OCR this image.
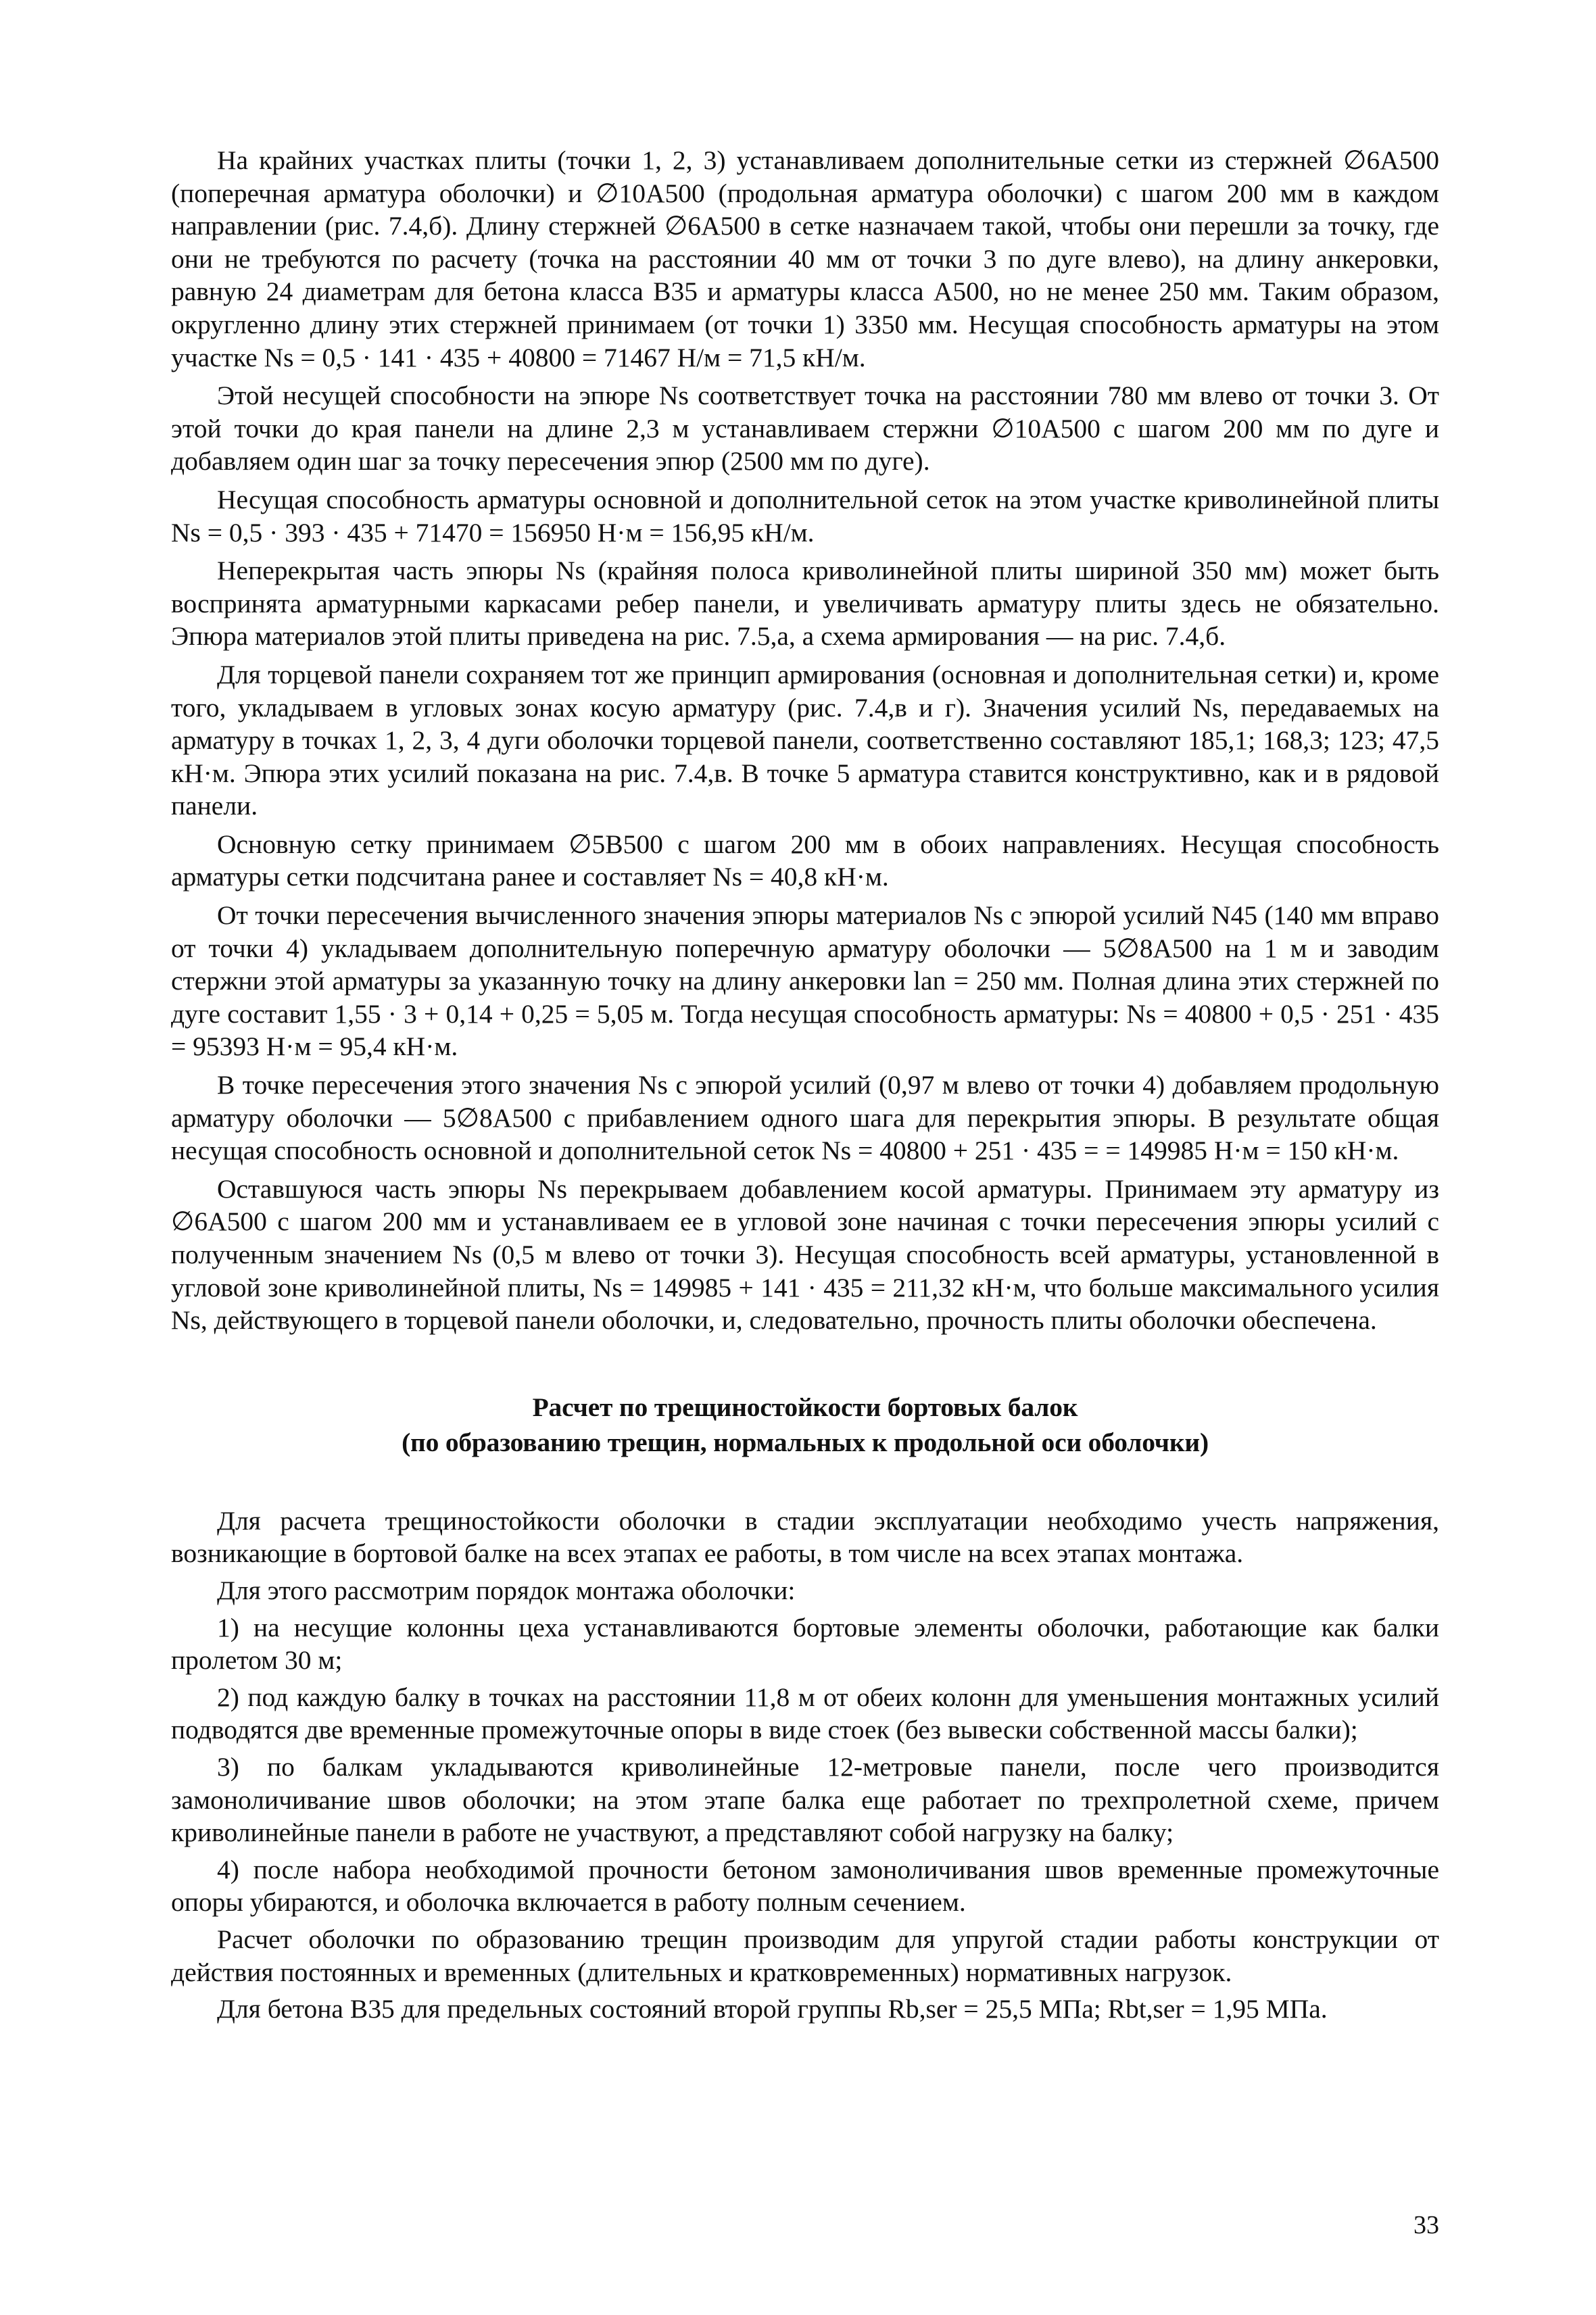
На крайних участках плиты (точки 1, 2, 3) устанавливаем дополнительные сетки из стержней ∅6А500 (поперечная арматура оболочки) и ∅10А500 (продольная арматура оболочки) с шагом 200 мм в каждом направлении (рис. 7.4,б). Длину стержней ∅6А500 в сетке назначаем такой, чтобы они перешли за точку, где они не требуются по расчету (точка на расстоянии 40 мм от точки 3 по дуге влево), на длину анкеровки, равную 24 диаметрам для бетона класса В35 и арматуры класса А500, но не менее 250 мм. Таким образом, округленно длину этих стержней принимаем (от точки 1) 3350 мм. Несущая способность арматуры на этом участке Ns = 0,5 · 141 · 435 + 40800 = 71467 Н/м = 71,5 кН/м.

Этой несущей способности на эпюре Ns соответствует точка на расстоянии 780 мм влево от точки 3. От этой точки до края панели на длине 2,3 м устанавливаем стержни ∅10А500 с шагом 200 мм по дуге и добавляем один шаг за точку пересечения эпюр (2500 мм по дуге).

Несущая способность арматуры основной и дополнительной сеток на этом участке криволинейной плиты Ns = 0,5 · 393 · 435 + 71470 = 156950 Н·м = 156,95 кН/м.

Неперекрытая часть эпюры Ns (крайняя полоса криволинейной плиты шириной 350 мм) может быть воспринята арматурными каркасами ребер панели, и увеличивать арматуру плиты здесь не обязательно. Эпюра материалов этой плиты приведена на рис. 7.5,а, а схема армирования — на рис. 7.4,б.

Для торцевой панели сохраняем тот же принцип армирования (основная и дополнительная сетки) и, кроме того, укладываем в угловых зонах косую арматуру (рис. 7.4,в и г). Значения усилий Ns, передаваемых на арматуру в точках 1, 2, 3, 4 дуги оболочки торцевой панели, соответственно составляют 185,1; 168,3; 123; 47,5 кН·м. Эпюра этих усилий показана на рис. 7.4,в. В точке 5 арматура ставится конструктивно, как и в рядовой панели.

Основную сетку принимаем ∅5В500 с шагом 200 мм в обоих направлениях. Несущая способность арматуры сетки подсчитана ранее и составляет Ns = 40,8 кН·м.

От точки пересечения вычисленного значения эпюры материалов Ns с эпюрой усилий N45 (140 мм вправо от точки 4) укладываем дополнительную поперечную арматуру оболочки — 5∅8А500 на 1 м и заводим стержни этой арматуры за указанную точку на длину анкеровки lan = 250 мм. Полная длина этих стержней по дуге составит 1,55 · 3 + 0,14 + 0,25 = 5,05 м. Тогда несущая способность арматуры: Ns = 40800 + 0,5 · 251 · 435 = 95393 Н·м = 95,4 кН·м.

В точке пересечения этого значения Ns с эпюрой усилий (0,97 м влево от точки 4) добавляем продольную арматуру оболочки — 5∅8А500 с прибавлением одного шага для перекрытия эпюры. В результате общая несущая способность основной и дополнительной сеток Ns = 40800 + 251 · 435 = = 149985 Н·м = 150 кН·м.

Оставшуюся часть эпюры Ns перекрываем добавлением косой арматуры. Принимаем эту арматуру из ∅6А500 с шагом 200 мм и устанавливаем ее в угловой зоне начиная с точки пересечения эпюры усилий с полученным значением Ns (0,5 м влево от точки 3). Несущая способность всей арматуры, установленной в угловой зоне криволинейной плиты, Ns = 149985 + 141 · 435 = 211,32 кН·м, что больше максимального усилия Ns, действующего в торцевой панели оболочки, и, следовательно, прочность плиты оболочки обеспечена.

Расчет по трещиностойкости бортовых балок
(по образованию трещин, нормальных к продольной оси оболочки)

Для расчета трещиностойкости оболочки в стадии эксплуатации необходимо учесть напряжения, возникающие в бортовой балке на всех этапах ее работы, в том числе на всех этапах монтажа.

Для этого рассмотрим порядок монтажа оболочки:

1) на несущие колонны цеха устанавливаются бортовые элементы оболочки, работающие как балки пролетом 30 м;

2) под каждую балку в точках на расстоянии 11,8 м от обеих колонн для уменьшения монтажных усилий подводятся две временные промежуточные опоры в виде стоек (без вывески собственной массы балки);

3) по балкам укладываются криволинейные 12-метровые панели, после чего производится замоноличивание швов оболочки; на этом этапе балка еще работает по трехпролетной схеме, причем криволинейные панели в работе не участвуют, а представляют собой нагрузку на балку;

4) после набора необходимой прочности бетоном замоноличивания швов временные промежуточные опоры убираются, и оболочка включается в работу полным сечением.

Расчет оболочки по образованию трещин производим для упругой стадии работы конструкции от действия постоянных и временных (длительных и кратковременных) нормативных нагрузок.

Для бетона В35 для предельных состояний второй группы Rb,ser = 25,5 МПа; Rbt,ser = 1,95 МПа.

33
